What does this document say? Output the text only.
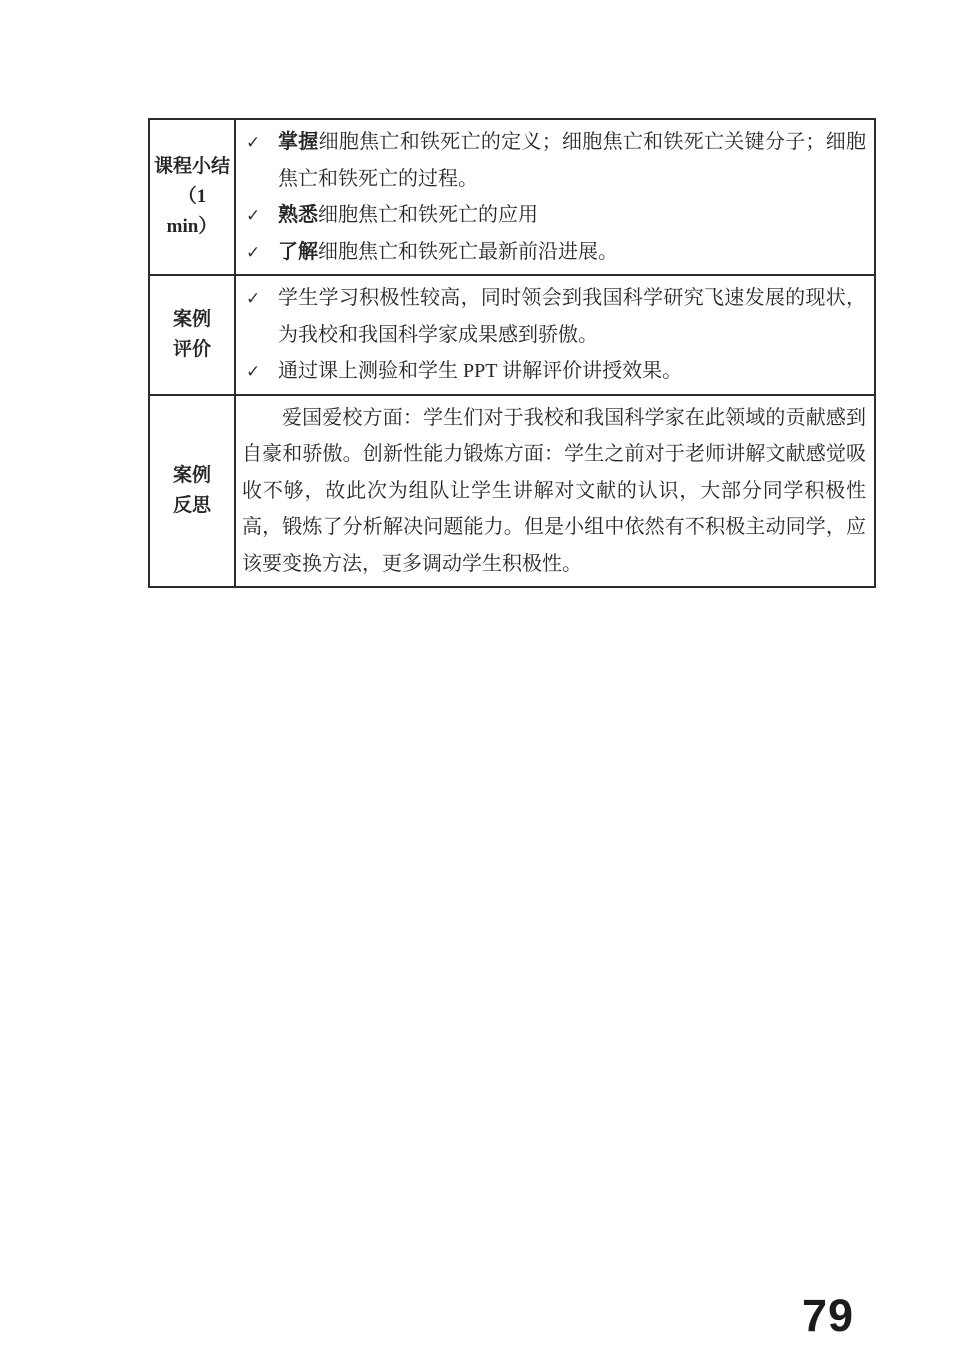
课程小结
（1
min）
✓ 掌握细胞焦亡和铁死亡的定义；细胞焦亡和铁死亡关键分子；细胞焦亡和铁死亡的过程。
✓ 熟悉细胞焦亡和铁死亡的应用
✓ 了解细胞焦亡和铁死亡最新前沿进展。
案例
评价
✓ 学生学习积极性较高，同时领会到我国科学研究飞速发展的现状，为我校和我国科学家成果感到骄傲。
✓ 通过课上测验和学生 PPT 讲解评价讲授效果。
案例
反思

爱国爱校方面：学生们对于我校和我国科学家在此领域的贡献感到自豪和骄傲。创新性能力锻炼方面：学生之前对于老师讲解文献感觉吸收不够，故此次为组队让学生讲解对文献的认识，大部分同学积极性高，锻炼了分析解决问题能力。但是小组中依然有不积极主动同学，应该要变换方法，更多调动学生积极性。

79
